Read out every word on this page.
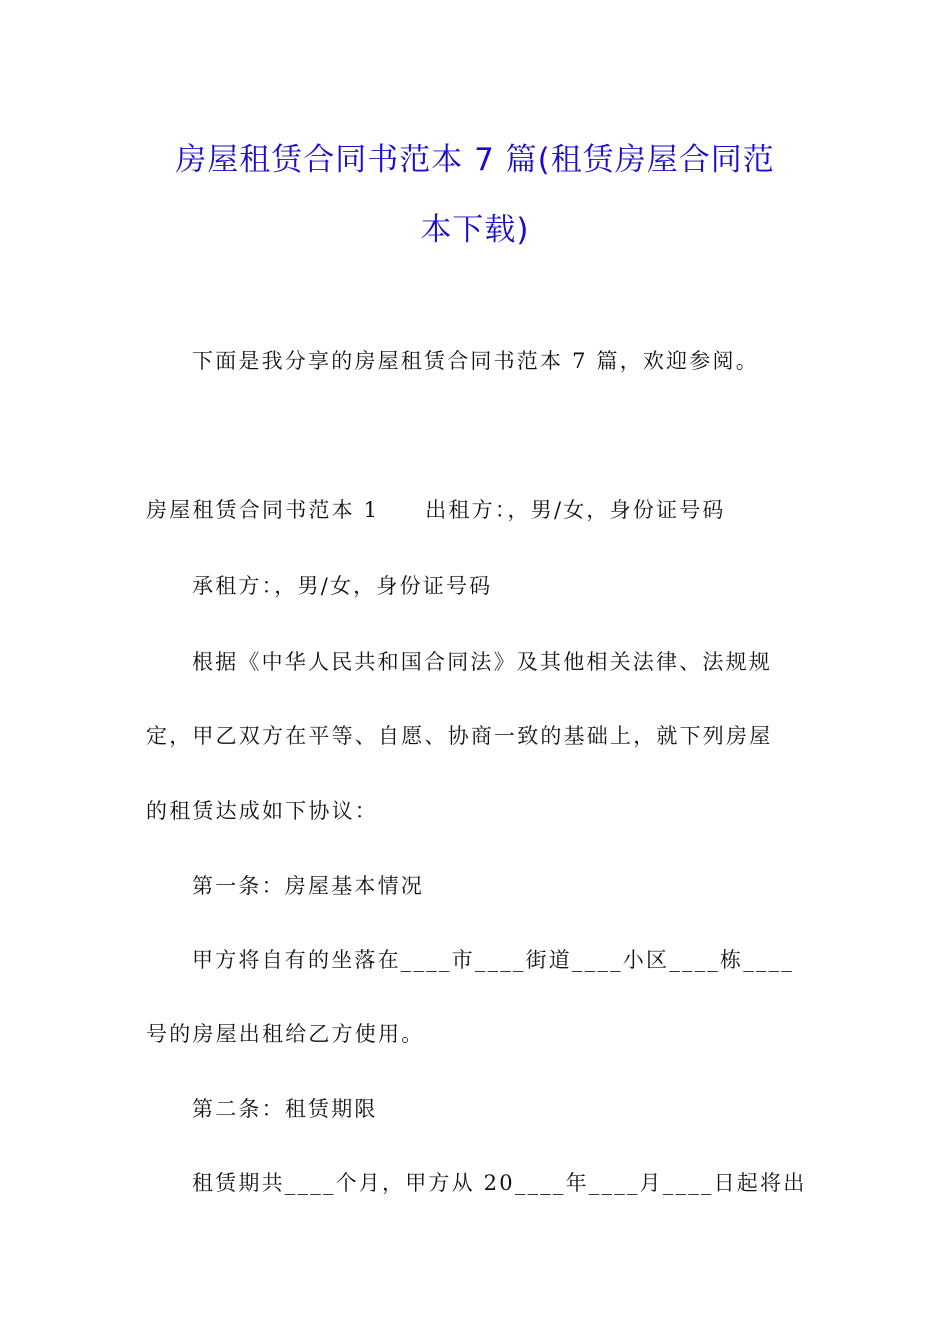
房屋租赁合同书范本 7 篇(租赁房屋合同范
本下载)

下面是我分享的房屋租赁合同书范本 7 篇，欢迎参阅。

房屋租赁合同书范本 1 出租方：，男/女，身份证号码

承租方：，男/女，身份证号码

根据《中华人民共和国合同法》及其他相关法律、法规规

定，甲乙双方在平等、自愿、协商一致的基础上，就下列房屋

的租赁达成如下协议：

第一条：房屋基本情况

甲方将自有的坐落在____市____街道____小区____栋____

号的房屋出租给乙方使用。

第二条：租赁期限

租赁期共____个月，甲方从 20____年____月____日起将出
